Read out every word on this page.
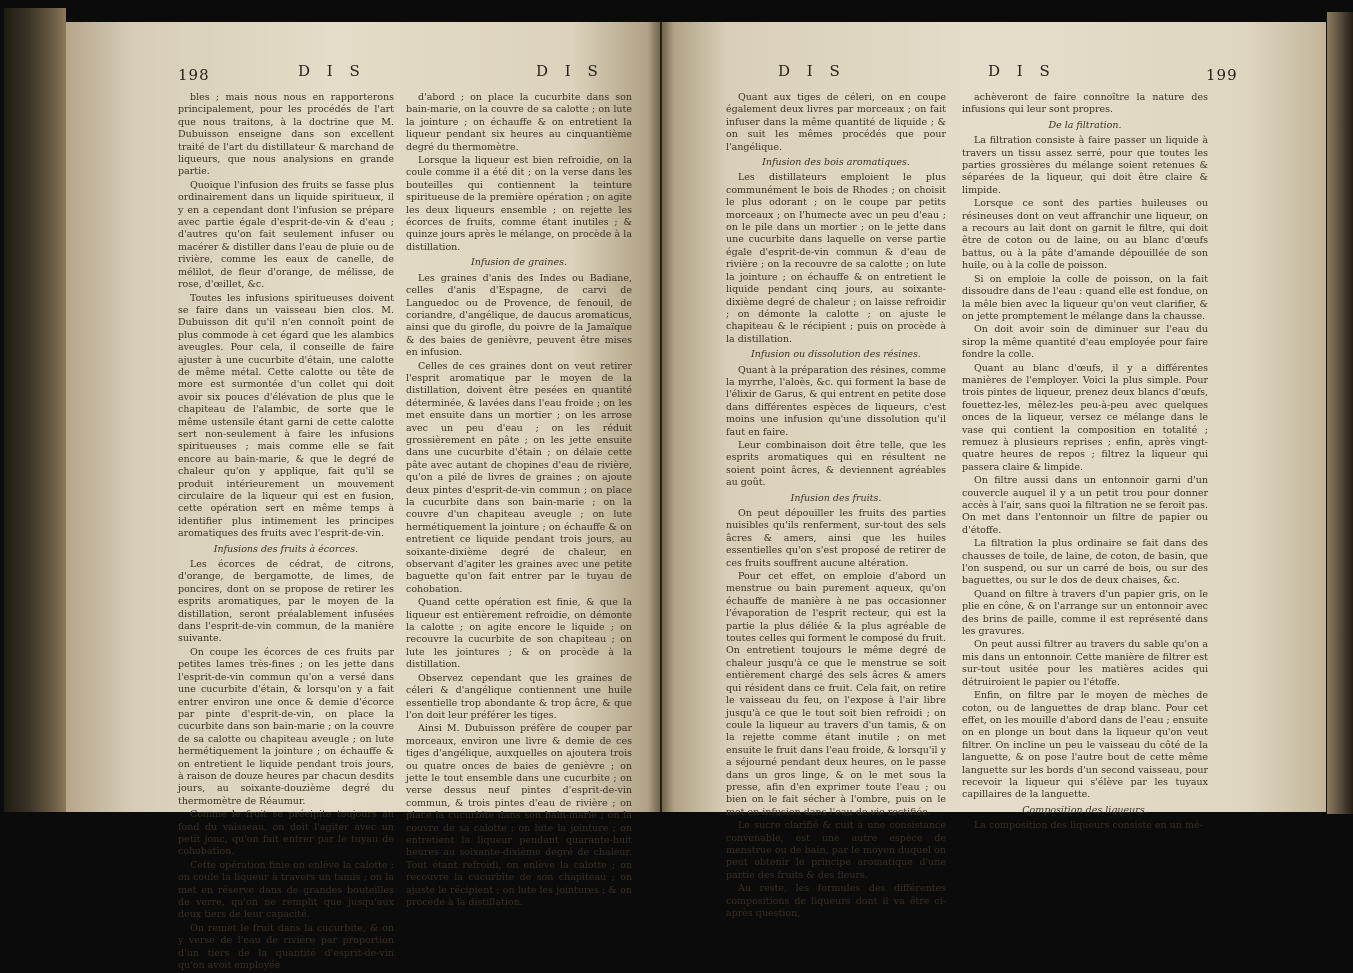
198	D I S	D I S

bles ; mais nous nous en rapporterons principalement, pour les procédés de l'art que nous traitons, à la doctrine que M. Dubuisson enseigne dans son excellent traité de l'art du distillateur & marchand de liqueurs, que nous analysions en grande partie.

Quoique l'infusion des fruits se fasse plus ordinairement dans un liquide spiritueux, il y en a cependant dont l'infusion se prépare avec partie égale d'esprit-de-vin & d'eau ; d'autres qu'on fait seulement infuser ou macérer & distiller dans l'eau de pluie ou de rivière, comme les eaux de canelle, de mélilot, de fleur d'orange, de mélisse, de rose, d'œillet, &c.

Toutes les infusions spiritueuses doivent se faire dans un vaisseau bien clos. M. Dubuisson dit qu'il n'en connoît point de plus commode à cet égard que les alambics aveugles. Pour cela, il conseille de faire ajuster à une cucurbite d'étain, une calotte de même métal. Cette calotte ou tête de more est surmontée d'un collet qui doit avoir six pouces d'élévation de plus que le chapiteau de l'alambic, de sorte que le même ustensile étant garni de cette calotte sert non-seulement à faire les infusions spiritueuses ; mais comme elle se fait encore au bain-marie, & que le degré de chaleur qu'on y applique, fait qu'il se produit intérieurement un mouvement circulaire de la liqueur qui est en fusion, cette opération sert en même temps à identifier plus intimement les principes aromatiques des fruits avec l'esprit-de-vin.

Infusions des fruits à écorces.

Les écorces de cédrat, de citrons, d'orange, de bergamotte, de limes, de poncires, dont on se propose de retirer les esprits aromatiques, par le moyen de la distillation, seront préalablement infusées dans l'esprit-de-vin commun, de la manière suivante.

On coupe les écorces de ces fruits par petites lames très-fines ; on les jette dans l'esprit-de-vin commun qu'on a versé dans une cucurbite d'étain, & lorsqu'on y a fait entrer environ une once & demie d'écorce par pinte d'esprit-de-vin, on place la cucurbite dans son bain-marie ; on la couvre de sa calotte ou chapiteau aveugle ; on lute hermétiquement la jointure ; on échauffe & on entretient le liquide pendant trois jours, à raison de douze heures par chacun desdits jours, au soixante-douzième degré du thermomètre de Réaumur.

Comme le fruit se précipite toujours au fond du vaisseau, on doit l'agiter avec un petit jonc, qu'on fait entrer par le tuyau de cohobation.

Cette opération finie on enlève la calotte ; on coule la liqueur à travers un tamis ; on la met en réserve dans de grandes bouteilles de verre, qu'on ne remplit que jusqu'aux deux tiers de leur capacité.

On remet le fruit dans la cucurbite, & on y verse de l'eau de rivière par proportion d'un tiers de la quantité d'esprit-de-vin qu'on avoit employée

d'abord ; on place la cucurbite dans son bain-marie, on la couvre de sa calotte ; on lute la jointure ; on échauffe & on entretient la liqueur pendant six heures au cinquantième degré du thermomètre.

Lorsque la liqueur est bien refroidie, on la coule comme il a été dit ; on la verse dans les bouteilles qui contiennent la teinture spiritueuse de la première opération ; on agite les deux liqueurs ensemble ; on rejette les écorces de fruits, comme étant inutiles ; & quinze jours après le mélange, on procède à la distillation.

Infusion de graines.

Les graines d'anis des Indes ou Badiane, celles d'anis d'Espagne, de carvi de Languedoc ou de Provence, de fenouil, de coriandre, d'angélique, de daucus aromaticus, ainsi que du girofle, du poivre de la Jamaïque & des baies de genièvre, peuvent être mises en infusion.

Celles de ces graines dont on veut retirer l'esprit aromatique par le moyen de la distillation, doivent être pesées en quantité déterminée, & lavées dans l'eau froide ; on les met ensuite dans un mortier ; on les arrose avec un peu d'eau ; on les réduit grossièrement en pâte ; on les jette ensuite dans une cucurbite d'étain ; on délaie cette pâte avec autant de chopines d'eau de rivière, qu'on a pilé de livres de graines ; on ajoute deux pintes d'esprit-de-vin commun ; on place la cucurbite dans son bain-marie ; on la couvre d'un chapiteau aveugle ; on lute hermétiquement la jointure ; on échauffe & on entretient ce liquide pendant trois jours, au soixante-dixième degré de chaleur, en observant d'agiter les graines avec une petite baguette qu'on fait entrer par le tuyau de cohobation.

Quand cette opération est finie, & que la liqueur est entièrement refroidie, on démonte la calotte ; on agite encore le liquide ; on recouvre la cucurbite de son chapiteau ; on lute les jointures ; & on procède à la distillation.

Observez cependant que les graines de céleri & d'angélique contiennent une huile essentielle trop abondante & trop âcre, & que l'on doit leur préférer les tiges.

Ainsi M. Dubuisson préfère de couper par morceaux, environ une livre & demie de ces tiges d'angélique, auxquelles on ajoutera trois ou quatre onces de baies de genièvre ; on jette le tout ensemble dans une cucurbite ; on verse dessus neuf pintes d'esprit-de-vin commun, & trois pintes d'eau de rivière ; on place la cucurbite dans son bain-marie ; on la couvre de sa calotte ; on lute la jointure ; on entretient la liqueur pendant quarante-huit heures au soixante-dixième degré de chaleur. Tout étant refroidi, on enlève la calotte ; on recouvre la cucurbite de son chapiteau ; on ajuste le récipient ; on lute les jointures ; & on procède à la distillation.

D I S	D I S	199

Quant aux tiges de céleri, on en coupe également deux livres par morceaux ; on fait infuser dans la même quantité de liquide ; & on suit les mêmes procédés que pour l'angélique.

Infusion des bois aromatiques.

Les distillateurs emploient le plus communément le bois de Rhodes ; on choisit le plus odorant ; on le coupe par petits morceaux ; on l'humecte avec un peu d'eau ; on le pile dans un mortier ; on le jette dans une cucurbite dans laquelle on verse partie égale d'esprit-de-vin commun & d'eau de rivière ; on la recouvre de sa calotte ; on lute la jointure ; on échauffe & on entretient le liquide pendant cinq jours, au soixante-dixième degré de chaleur ; on laisse refroidir ; on démonte la calotte ; on ajuste le chapiteau & le récipient ; puis on procède à la distillation.

Infusion ou dissolution des résines.

Quant à la préparation des résines, comme la myrrhe, l'aloès, &c. qui forment la base de l'élixir de Garus, & qui entrent en petite dose dans différentes espèces de liqueurs, c'est moins une infusion qu'une dissolution qu'il faut en faire.

Leur combinaison doit être telle, que les esprits aromatiques qui en résultent ne soient point âcres, & deviennent agréables au goût.

Infusion des fruits.

On peut dépouiller les fruits des parties nuisibles qu'ils renferment, sur-tout des sels âcres & amers, ainsi que les huiles essentielles qu'on s'est proposé de retirer de ces fruits souffrent aucune altération.

Pour cet effet, on emploie d'abord un menstrue ou bain purement aqueux, qu'on échauffe de manière à ne pas occasionner l'évaporation de l'esprit recteur, qui est la partie la plus déliée & la plus agréable de toutes celles qui forment le composé du fruit. On entretient toujours le même degré de chaleur jusqu'à ce que le menstrue se soit entièrement chargé des sels âcres & amers qui résident dans ce fruit. Cela fait, on retire le vaisseau du feu, on l'expose à l'air libre jusqu'à ce que le tout soit bien refroidi ; on coule la liqueur au travers d'un tamis, & on la rejette comme étant inutile ; on met ensuite le fruit dans l'eau froide, & lorsqu'il y a séjourné pendant deux heures, on le passe dans un gros linge, & on le met sous la presse, afin d'en exprimer toute l'eau ; ou bien on le fait sécher à l'ombre, puis on le met en infusion dans l'eau-de-vie rectifiée.

Le sucre clarifié & cuit à une consistance convenable, est une autre espèce de menstrue ou de bain, par le moyen duquel on peut obtenir le principe aromatique d'une partie des fruits & des fleurs.

Au reste, les formules des différentes compositions de liqueurs dont il va être ci-après question,

achèveront de faire connoître la nature des infusions qui leur sont propres.

De la filtration.

La filtration consiste à faire passer un liquide à travers un tissu assez serré, pour que toutes les parties grossières du mélange soient retenues & séparées de la liqueur, qui doit être claire & limpide.

Lorsque ce sont des parties huileuses ou résineuses dont on veut affranchir une liqueur, on a recours au lait dont on garnit le filtre, qui doit être de coton ou de laine, ou au blanc d'œufs battus, ou à la pâte d'amande dépouillée de son huile, ou à la colle de poisson.

Si on emploie la colle de poisson, on la fait dissoudre dans de l'eau : quand elle est fondue, on la mêle bien avec la liqueur qu'on veut clarifier, & on jette promptement le mélange dans la chausse.

On doit avoir soin de diminuer sur l'eau du sirop la même quantité d'eau employée pour faire fondre la colle.

Quant au blanc d'œufs, il y a différentes manières de l'employer. Voici la plus simple. Pour trois pintes de liqueur, prenez deux blancs d'œufs, fouettez-les, mêlez-les peu-à-peu avec quelques onces de la liqueur, versez ce mélange dans le vase qui contient la composition en totalité ; remuez à plusieurs reprises ; enfin, après vingt-quatre heures de repos ; filtrez la liqueur qui passera claire & limpide.

On filtre aussi dans un entonnoir garni d'un couvercle auquel il y a un petit trou pour donner accès à l'air, sans quoi la filtration ne se feroit pas. On met dans l'entonnoir un filtre de papier ou d'étoffe.

La filtration la plus ordinaire se fait dans des chausses de toile, de laine, de coton, de basin, que l'on suspend, ou sur un carré de bois, ou sur des baguettes, ou sur le dos de deux chaises, &c.

Quand on filtre à travers d'un papier gris, on le plie en cône, & on l'arrange sur un entonnoir avec des brins de paille, comme il est représenté dans les gravures.

On peut aussi filtrer au travers du sable qu'on a mis dans un entonnoir. Cette manière de filtrer est sur-tout usitée pour les matières acides qui détruiroient le papier ou l'étoffe.

Enfin, on filtre par le moyen de mèches de coton, ou de languettes de drap blanc. Pour cet effet, on les mouille d'abord dans de l'eau ; ensuite on en plonge un bout dans la liqueur qu'on veut filtrer. On incline un peu le vaisseau du côté de la languette, & on pose l'autre bout de cette même languette sur les bords d'un second vaisseau, pour recevoir la liqueur qui s'élève par les tuyaux capillaires de la languette.

Composition des liqueurs.

La composition des liqueurs consiste en un mé-
